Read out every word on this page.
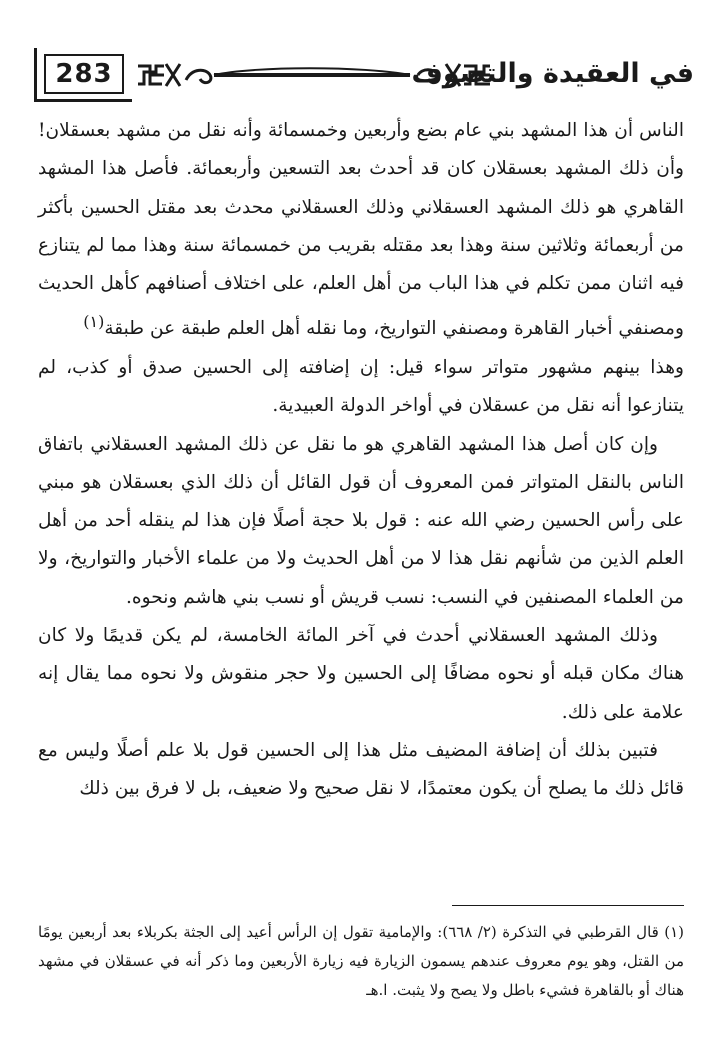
283	في العقيدة والتصوف

الناس أن هذا المشهد بني عام بضع وأربعين وخمسمائة وأنه نقل من مشهد بعسقلان! وأن ذلك المشهد بعسقلان كان قد أحدث بعد التسعين وأربعمائة. فأصل هذا المشهد القاهري هو ذلك المشهد العسقلاني وذلك العسقلاني محدث بعد مقتل الحسين بأكثر من أربعمائة وثلاثين سنة وهذا بعد مقتله بقريب من خمسمائة سنة وهذا مما لم يتنازع فيه اثنان ممن تكلم في هذا الباب من أهل العلم، على اختلاف أصنافهم كأهل الحديث ومصنفي أخبار القاهرة ومصنفي التواريخ، وما نقله أهل العلم طبقة عن طبقة$^{(١)}$

وهذا بينهم مشهور متواتر سواء قيل: إن إضافته إلى الحسين صدق أو كذب، لم يتنازعوا أنه نقل من عسقلان في أواخر الدولة العبيدية.

وإن كان أصل هذا المشهد القاهري هو ما نقل عن ذلك المشهد العسقلاني باتفاق الناس بالنقل المتواتر فمن المعروف أن قول القائل أن ذلك الذي بعسقلان هو مبني على رأس الحسين رضي الله عنه : قول بلا حجة أصلًا فإن هذا لم ينقله أحد من أهل العلم الذين من شأنهم نقل هذا لا من أهل الحديث ولا من علماء الأخبار والتواريخ، ولا من العلماء المصنفين في النسب: نسب قريش أو نسب بني هاشم ونحوه.

وذلك المشهد العسقلاني أحدث في آخر المائة الخامسة، لم يكن قديمًا ولا كان هناك مكان قبله أو نحوه مضافًا إلى الحسين ولا حجر منقوش ولا نحوه مما يقال إنه علامة على ذلك.

فتبين بذلك أن إضافة المضيف مثل هذا إلى الحسين قول بلا علم أصلًا وليس مع قائل ذلك ما يصلح أن يكون معتمدًا، لا نقل صحيح ولا ضعيف، بل لا فرق بين ذلك

(١) قال القرطبي في التذكرة (٢/ ٦٦٨): والإمامية تقول إن الرأس أعيد إلى الجثة بكربلاء بعد أربعين يومًا من القتل، وهو يوم معروف عندهم يسمون الزيارة فيه زيارة الأربعين وما ذكر أنه في عسقلان في مشهد هناك أو بالقاهرة فشيء باطل ولا يصح ولا يثبت. ا.هـ
